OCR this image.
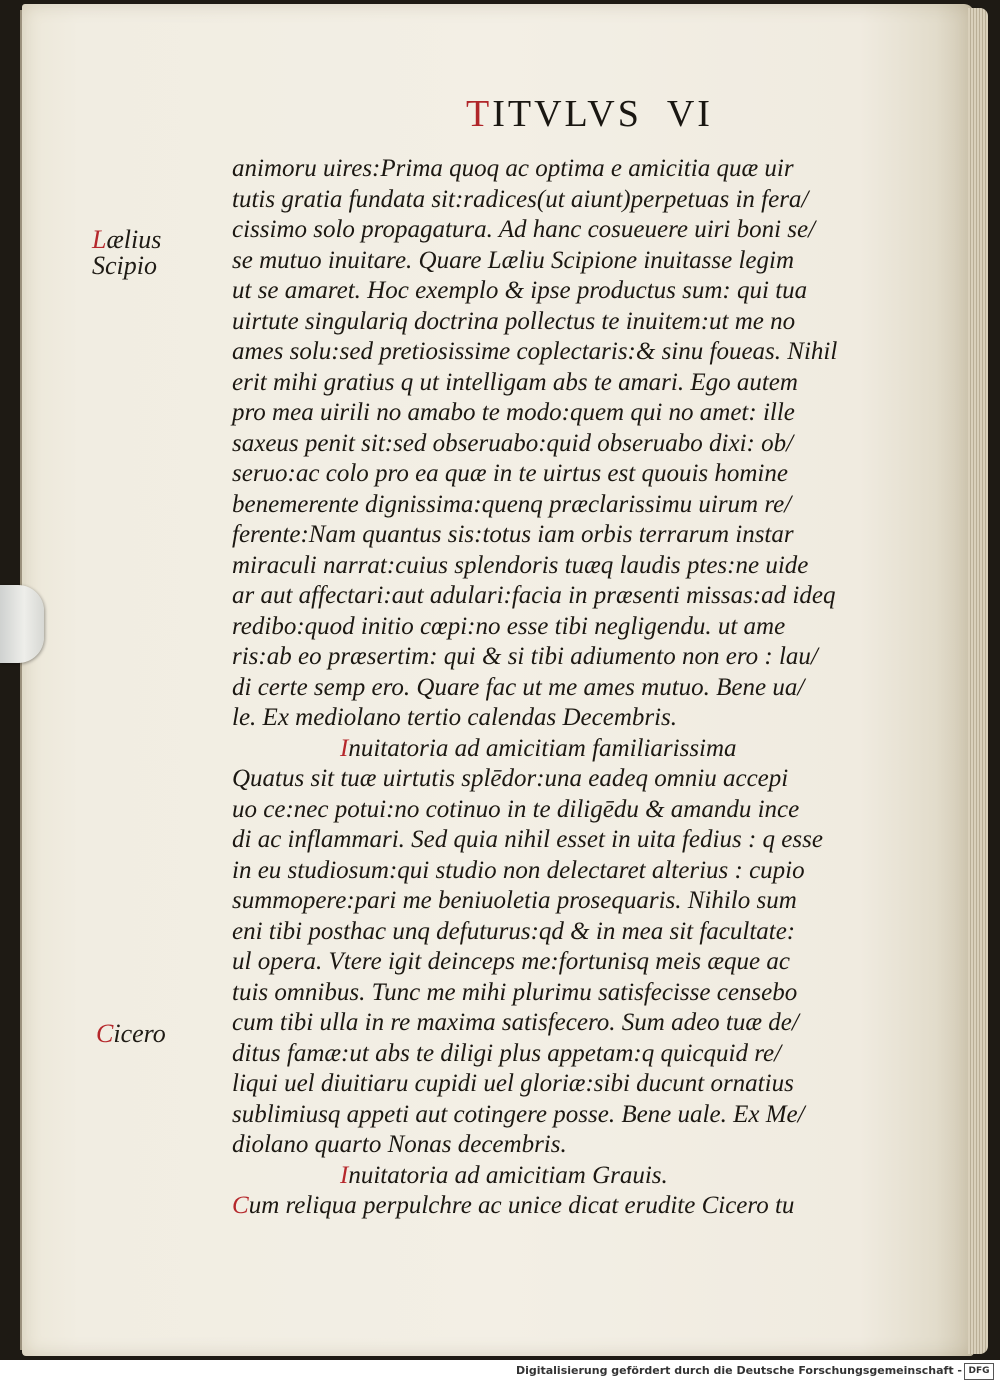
TITVLVS VI
Lælius
Scipio
Cicero
animoru uires:Prima quoq ac optima e amicitia quæ uir
tutis gratia fundata sit:radices(ut aiunt)perpetuas in fera/
cissimo solo propagatura. Ad hanc cosueuere uiri boni se/
se mutuo inuitare. Quare Læliu Scipione inuitasse legim
ut se amaret. Hoc exemplo & ipse productus sum: qui tua
uirtute singulariq doctrina pollectus te inuitem:ut me no
ames solu:sed pretiosissime coplectaris:& sinu foueas. Nihil
erit mihi gratius q ut intelligam abs te amari. Ego autem
pro mea uirili no amabo te modo:quem qui no amet: ille
saxeus penit sit:sed obseruabo:quid obseruabo dixi: ob/
seruo:ac colo pro ea quæ in te uirtus est quouis homine
benemerente dignissima:quenq præclarissimu uirum re/
ferente:Nam quantus sis:totus iam orbis terrarum instar
miraculi narrat:cuius splendoris tuæq laudis ptes:ne uide
ar aut affectari:aut adulari:facia in præsenti missas:ad ideq
redibo:quod initio cœpi:no esse tibi negligendu. ut ame
ris:ab eo præsertim: qui & si tibi adiumento non ero : lau/
di certe semp ero. Quare fac ut me ames mutuo. Bene ua/
le. Ex mediolano tertio calendas Decembris.
Inuitatoria ad amicitiam familiarissima
Quatus sit tuæ uirtutis splēdor:una eadeq omniu accepi
uo ce:nec potui:no cotinuo in te diligēdu & amandu ince
di ac inflammari. Sed quia nihil esset in uita fedius : q esse
in eu studiosum:qui studio non delectaret alterius : cupio
summopere:pari me beniuoletia prosequaris. Nihilo sum
eni tibi posthac unq defuturus:qd & in mea sit facultate:
ul opera. Vtere igit deinceps me:fortunisq meis æque ac
tuis omnibus. Tunc me mihi plurimu satisfecisse censebo
cum tibi ulla in re maxima satisfecero. Sum adeo tuæ de/
ditus famæ:ut abs te diligi plus appetam:q quicquid re/
liqui uel diuitiaru cupidi uel gloriæ:sibi ducunt ornatius
sublimiusq appeti aut cotingere posse. Bene uale. Ex Me/
diolano quarto Nonas decembris.
Inuitatoria ad amicitiam Grauis.
Cum reliqua perpulchre ac unice dicat erudite Cicero tu
Digitalisierung gefördert durch die Deutsche Forschungsgemeinschaft - DFG
